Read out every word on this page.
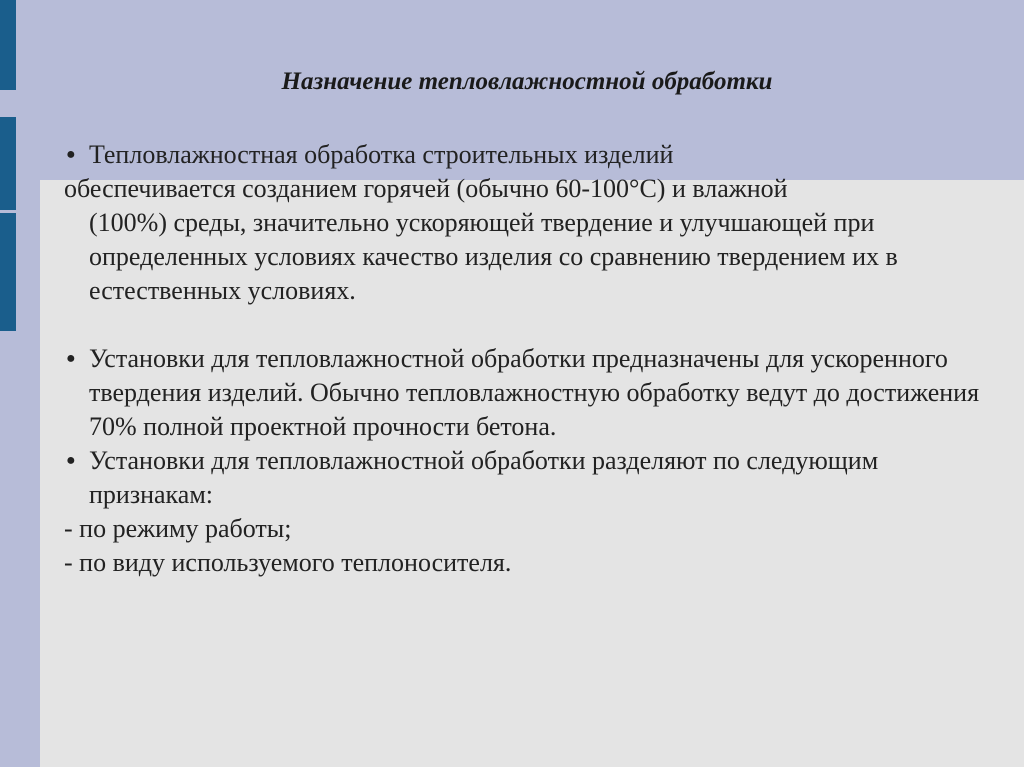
Назначение тепловлажностной обработки
● Тепловлажностная обработка строительных изделий
обеспечивается созданием горячей (обычно 60-100°С) и влажной
(100%) среды, значительно ускоряющей твердение и улучшающей при определенных условиях качество изделия со сравнению твердением их в естественных условиях.
● Установки для тепловлажностной обработки предназначены для ускоренного твердения изделий. Обычно тепловлажностную обработку ведут до достижения 70% полной проектной прочности бетона.
● Установки для тепловлажностной обработки разделяют по следующим признакам:
- по режиму работы;
- по виду используемого теплоносителя.
